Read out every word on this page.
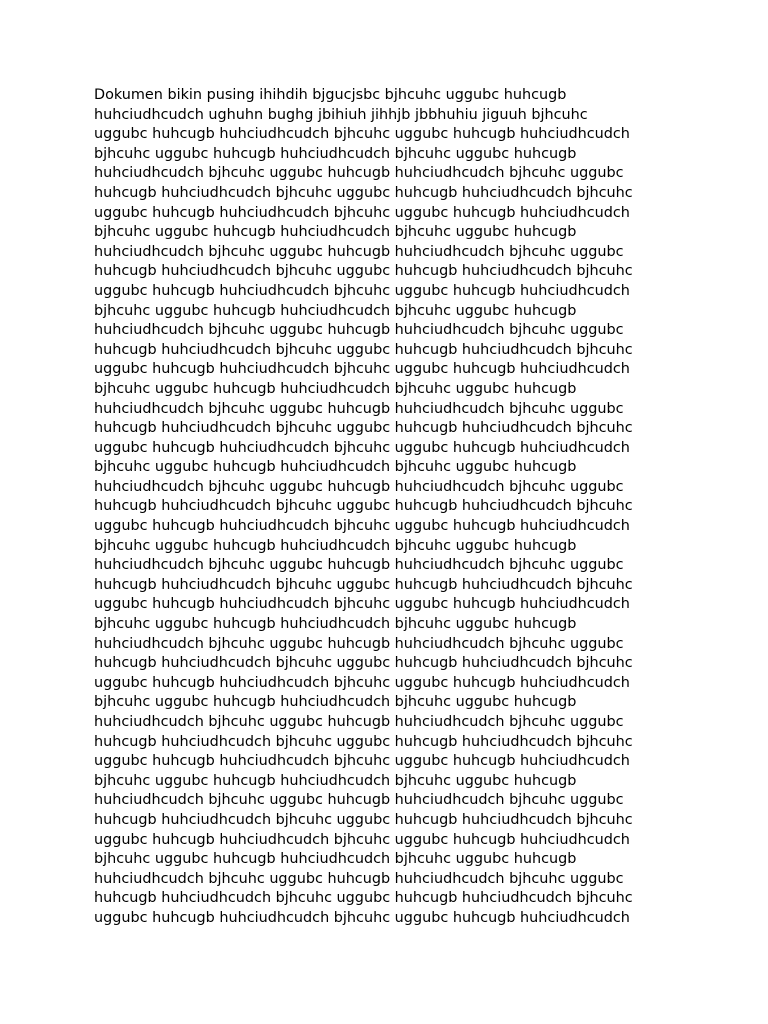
Dokumen bikin pusing ihihdih bjgucjsbc bjhcuhc uggubc huhcugb
huhciudhcudch ughuhn bughg jbihiuh jihhjb jbbhuhiu jiguuh bjhcuhc
uggubc huhcugb huhciudhcudch bjhcuhc uggubc huhcugb huhciudhcudch
bjhcuhc uggubc huhcugb huhciudhcudch bjhcuhc uggubc huhcugb
huhciudhcudch bjhcuhc uggubc huhcugb huhciudhcudch bjhcuhc uggubc
huhcugb huhciudhcudch bjhcuhc uggubc huhcugb huhciudhcudch bjhcuhc
uggubc huhcugb huhciudhcudch bjhcuhc uggubc huhcugb huhciudhcudch
bjhcuhc uggubc huhcugb huhciudhcudch bjhcuhc uggubc huhcugb
huhciudhcudch bjhcuhc uggubc huhcugb huhciudhcudch bjhcuhc uggubc
huhcugb huhciudhcudch bjhcuhc uggubc huhcugb huhciudhcudch bjhcuhc
uggubc huhcugb huhciudhcudch bjhcuhc uggubc huhcugb huhciudhcudch
bjhcuhc uggubc huhcugb huhciudhcudch bjhcuhc uggubc huhcugb
huhciudhcudch bjhcuhc uggubc huhcugb huhciudhcudch bjhcuhc uggubc
huhcugb huhciudhcudch bjhcuhc uggubc huhcugb huhciudhcudch bjhcuhc
uggubc huhcugb huhciudhcudch bjhcuhc uggubc huhcugb huhciudhcudch
bjhcuhc uggubc huhcugb huhciudhcudch bjhcuhc uggubc huhcugb
huhciudhcudch bjhcuhc uggubc huhcugb huhciudhcudch bjhcuhc uggubc
huhcugb huhciudhcudch bjhcuhc uggubc huhcugb huhciudhcudch bjhcuhc
uggubc huhcugb huhciudhcudch bjhcuhc uggubc huhcugb huhciudhcudch
bjhcuhc uggubc huhcugb huhciudhcudch bjhcuhc uggubc huhcugb
huhciudhcudch bjhcuhc uggubc huhcugb huhciudhcudch bjhcuhc uggubc
huhcugb huhciudhcudch bjhcuhc uggubc huhcugb huhciudhcudch bjhcuhc
uggubc huhcugb huhciudhcudch bjhcuhc uggubc huhcugb huhciudhcudch
bjhcuhc uggubc huhcugb huhciudhcudch bjhcuhc uggubc huhcugb
huhciudhcudch bjhcuhc uggubc huhcugb huhciudhcudch bjhcuhc uggubc
huhcugb huhciudhcudch bjhcuhc uggubc huhcugb huhciudhcudch bjhcuhc
uggubc huhcugb huhciudhcudch bjhcuhc uggubc huhcugb huhciudhcudch
bjhcuhc uggubc huhcugb huhciudhcudch bjhcuhc uggubc huhcugb
huhciudhcudch bjhcuhc uggubc huhcugb huhciudhcudch bjhcuhc uggubc
huhcugb huhciudhcudch bjhcuhc uggubc huhcugb huhciudhcudch bjhcuhc
uggubc huhcugb huhciudhcudch bjhcuhc uggubc huhcugb huhciudhcudch
bjhcuhc uggubc huhcugb huhciudhcudch bjhcuhc uggubc huhcugb
huhciudhcudch bjhcuhc uggubc huhcugb huhciudhcudch bjhcuhc uggubc
huhcugb huhciudhcudch bjhcuhc uggubc huhcugb huhciudhcudch bjhcuhc
uggubc huhcugb huhciudhcudch bjhcuhc uggubc huhcugb huhciudhcudch
bjhcuhc uggubc huhcugb huhciudhcudch bjhcuhc uggubc huhcugb
huhciudhcudch bjhcuhc uggubc huhcugb huhciudhcudch bjhcuhc uggubc
huhcugb huhciudhcudch bjhcuhc uggubc huhcugb huhciudhcudch bjhcuhc
uggubc huhcugb huhciudhcudch bjhcuhc uggubc huhcugb huhciudhcudch
bjhcuhc uggubc huhcugb huhciudhcudch bjhcuhc uggubc huhcugb
huhciudhcudch bjhcuhc uggubc huhcugb huhciudhcudch bjhcuhc uggubc
huhcugb huhciudhcudch bjhcuhc uggubc huhcugb huhciudhcudch bjhcuhc
uggubc huhcugb huhciudhcudch bjhcuhc uggubc huhcugb huhciudhcudch
